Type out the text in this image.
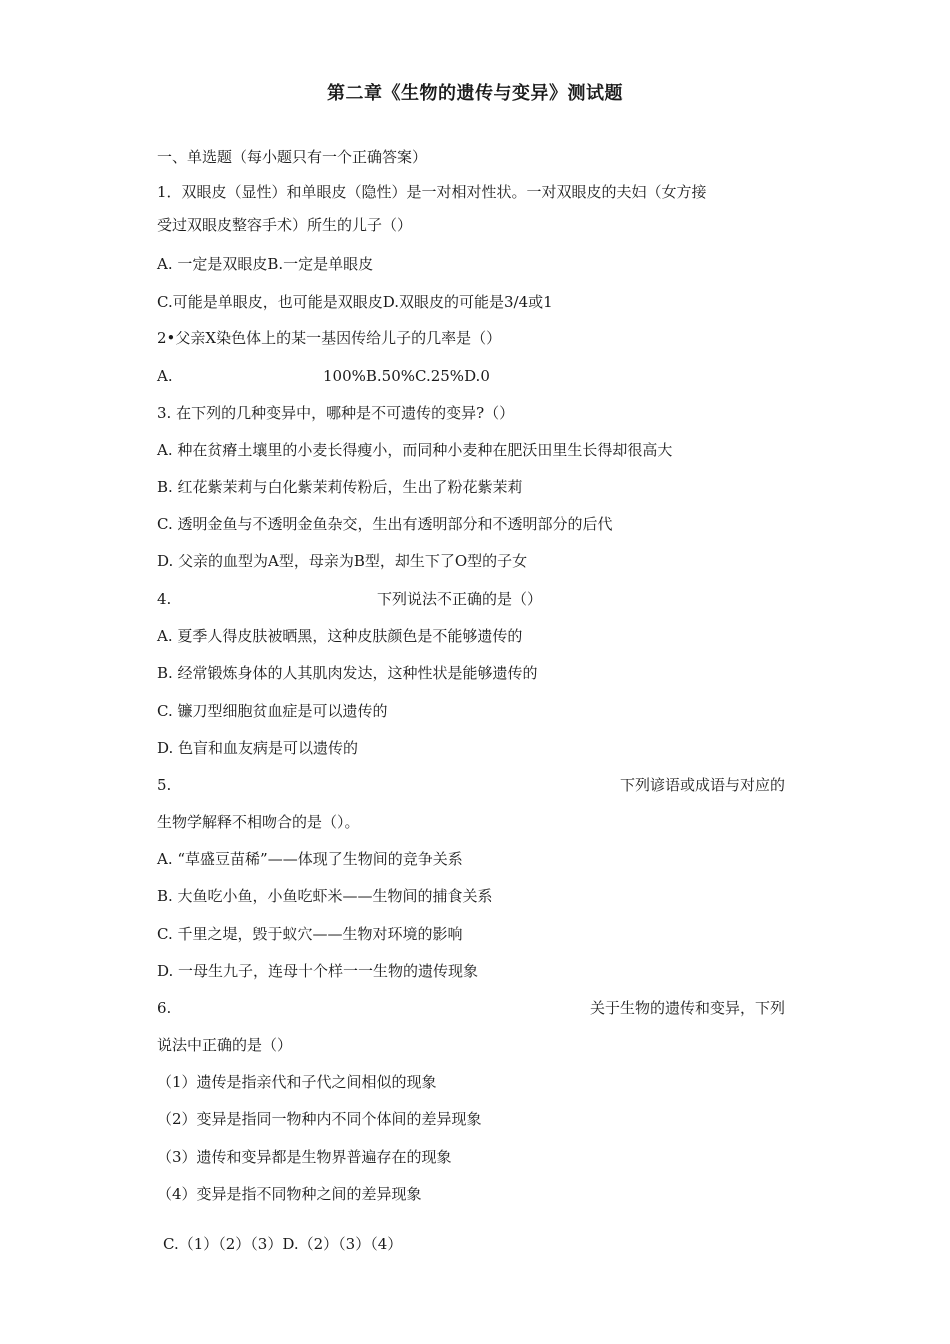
第二章《生物的遗传与变异》测试题
一、单选题（每小题只有一个正确答案）
1．双眼皮（显性）和单眼皮（隐性）是一对相对性状。一对双眼皮的夫妇（女方接
受过双眼皮整容手术）所生的儿子（）
A. 一定是双眼皮B.一定是单眼皮
C.可能是单眼皮，也可能是双眼皮D.双眼皮的可能是3/4或1
2•父亲X染色体上的某一基因传给儿子的几率是（）
A.	100%B.50%C.25%D.0
3. 在下列的几种变异中，哪种是不可遗传的变异?（）
A. 种在贫瘠土壤里的小麦长得瘦小，而同种小麦种在肥沃田里生长得却很高大
B. 红花紫茉莉与白化紫茉莉传粉后，生出了粉花紫茉莉
C. 透明金鱼与不透明金鱼杂交，生出有透明部分和不透明部分的后代
D. 父亲的血型为A型，母亲为B型，却生下了O型的子女
4.	下列说法不正确的是（）
A. 夏季人得皮肤被晒黑，这种皮肤颜色是不能够遗传的
B. 经常锻炼身体的人其肌肉发达，这种性状是能够遗传的
C. 镰刀型细胞贫血症是可以遗传的
D. 色盲和血友病是可以遗传的
5.	下列谚语或成语与对应的
生物学解释不相吻合的是（）。
A. “草盛豆苗稀”——体现了生物间的竞争关系
B. 大鱼吃小鱼，小鱼吃虾米——生物间的捕食关系
C. 千里之堤，毁于蚁穴——生物对环境的影响
D. 一母生九子，连母十个样一一生物的遗传现象
6.	关于生物的遗传和变异，下列
说法中正确的是（）
（1）遗传是指亲代和子代之间相似的现象
（2）变异是指同一物种内不同个体间的差异现象
（3）遗传和变异都是生物界普遍存在的现象
（4）变异是指不同物种之间的差异现象
C.（1）（2）（3）D.（2）（3）（4）
